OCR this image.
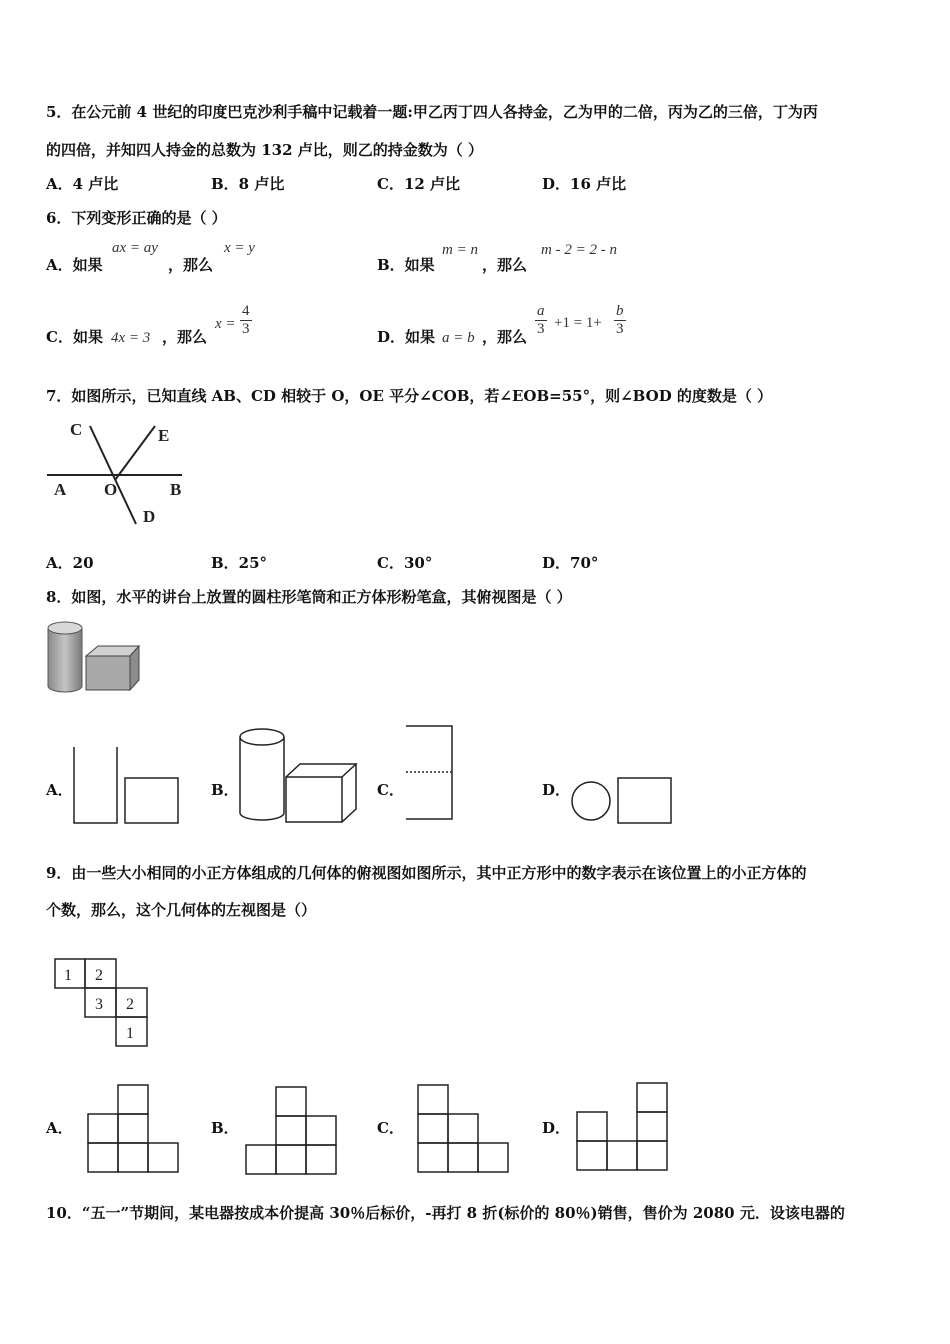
5．在公元前 4 世纪的印度巴克沙利手稿中记载着一题:甲乙丙丁四人各持金，乙为甲的二倍，丙为乙的三倍，丁为丙
的四倍，并知四人持金的总数为 132 卢比，则乙的持金数为（ ）
A．4 卢比	B．8 卢比	C．12 卢比	D．16 卢比
6．下列变形正确的是（ ）
A．如果
ax = ay
，那么
x = y
B．如果
m = n
，那么
m - 2 = 2 - n
C．如果 4x = 3 ，那么
$x = \frac{4}{3}$	D．如果 a = b ，那么 $\frac{a}{3} +1 = 1+ \frac{b}{3}$
7．如图所示，已知直线 AB、CD 相较于 O，OE 平分∠COB，若∠EOB=55°，则∠BOD 的度数是（ ）
C	E
A O	B
D
A．20	B．25°	C．30°	D．70°
8．如图，水平的讲台上放置的圆柱形笔筒和正方体形粉笔盒，其俯视图是（ ）
A．	B．	C．	D．
9．由一些大小相同的小正方体组成的几何体的俯视图如图所示，其中正方形中的数字表示在该位置上的小正方体的
个数，那么，这个几何体的左视图是（）
1 2
3 2
1
A．	B．	C．	D．
10．“五一”节期间，某电器按成本价提高 30％后标价，-再打 8 折(标价的 80％)销售，售价为 2080 元．设该电器的
